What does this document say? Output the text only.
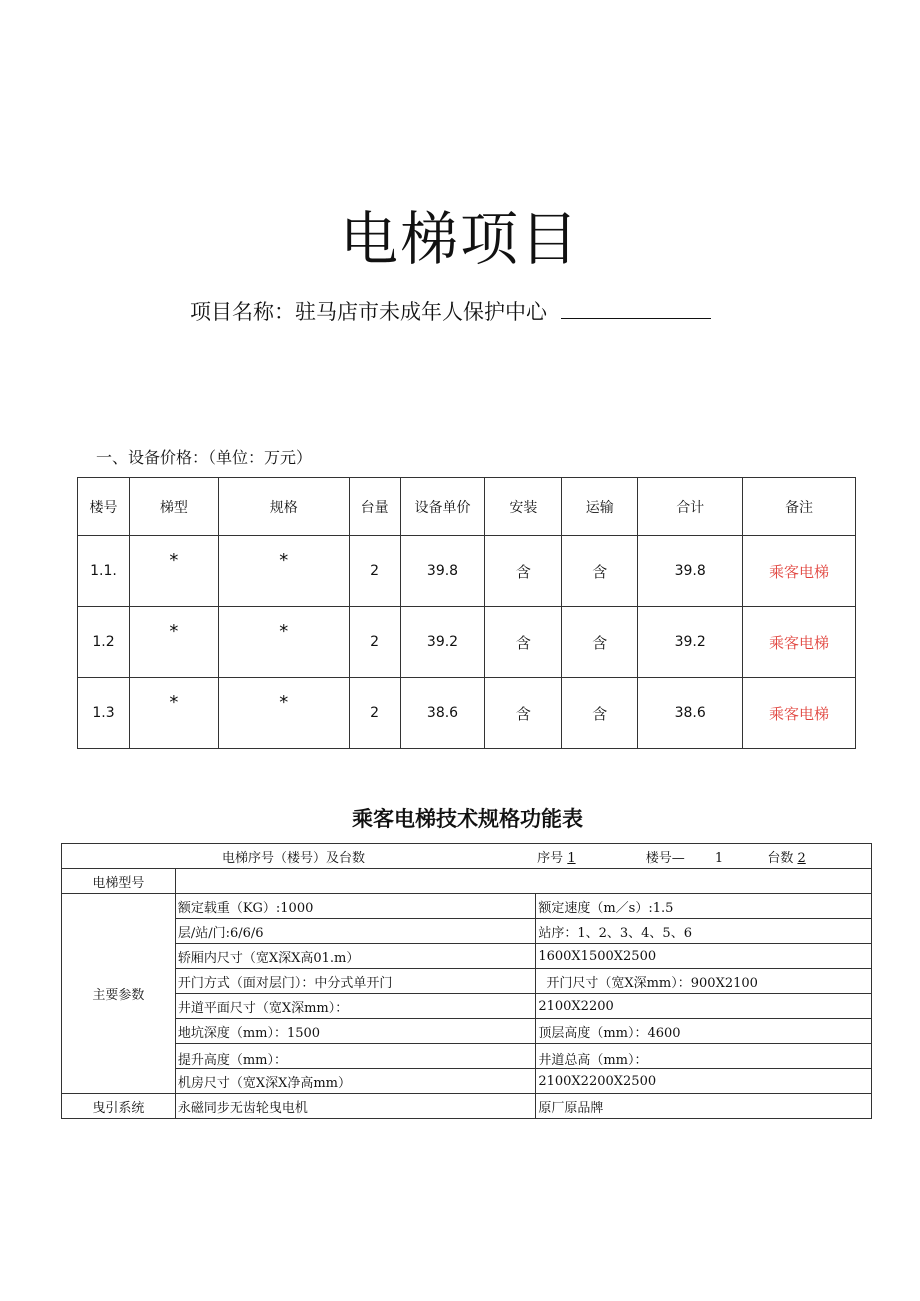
电梯项目
项目名称：驻马店市未成年人保护中心
一、设备价格：（单位：万元）
楼号	梯型	规格	台量	设备单价	安装	运输	合计	备注
1.1.	*	*	2	39.8	含	含	39.8	乘客电梯
1.2	*	*	2	39.2	含	含	39.2	乘客电梯
1.3	*	*	2	38.6	含	含	38.6	乘客电梯
乘客电梯技术规格功能表
电梯序号（楼号）及台数 序号 1 楼号— 1 台数 2		
电梯型号		
主要参数	额定载重（KG）:1000	额定速度（m／s）:1.5
	层/站/门:6/6/6	站序：1、2、3、4、5、6
	轿厢内尺寸（宽X深X高01.m）	1600X1500X2500
	开门方式（面对层门）：中分式单开门	开门尺寸（宽X深mm）：900X2100
	井道平面尺寸（宽X深mm）：	2100X2200
	地坑深度（mm）：1500	顶层高度（mm）：4600
	提升高度（mm）：	井道总高（mm）：
	机房尺寸（宽X深X净高mm）	2100X2200X2500
曳引系统	永磁同步无齿轮曳电机	原厂原品牌
